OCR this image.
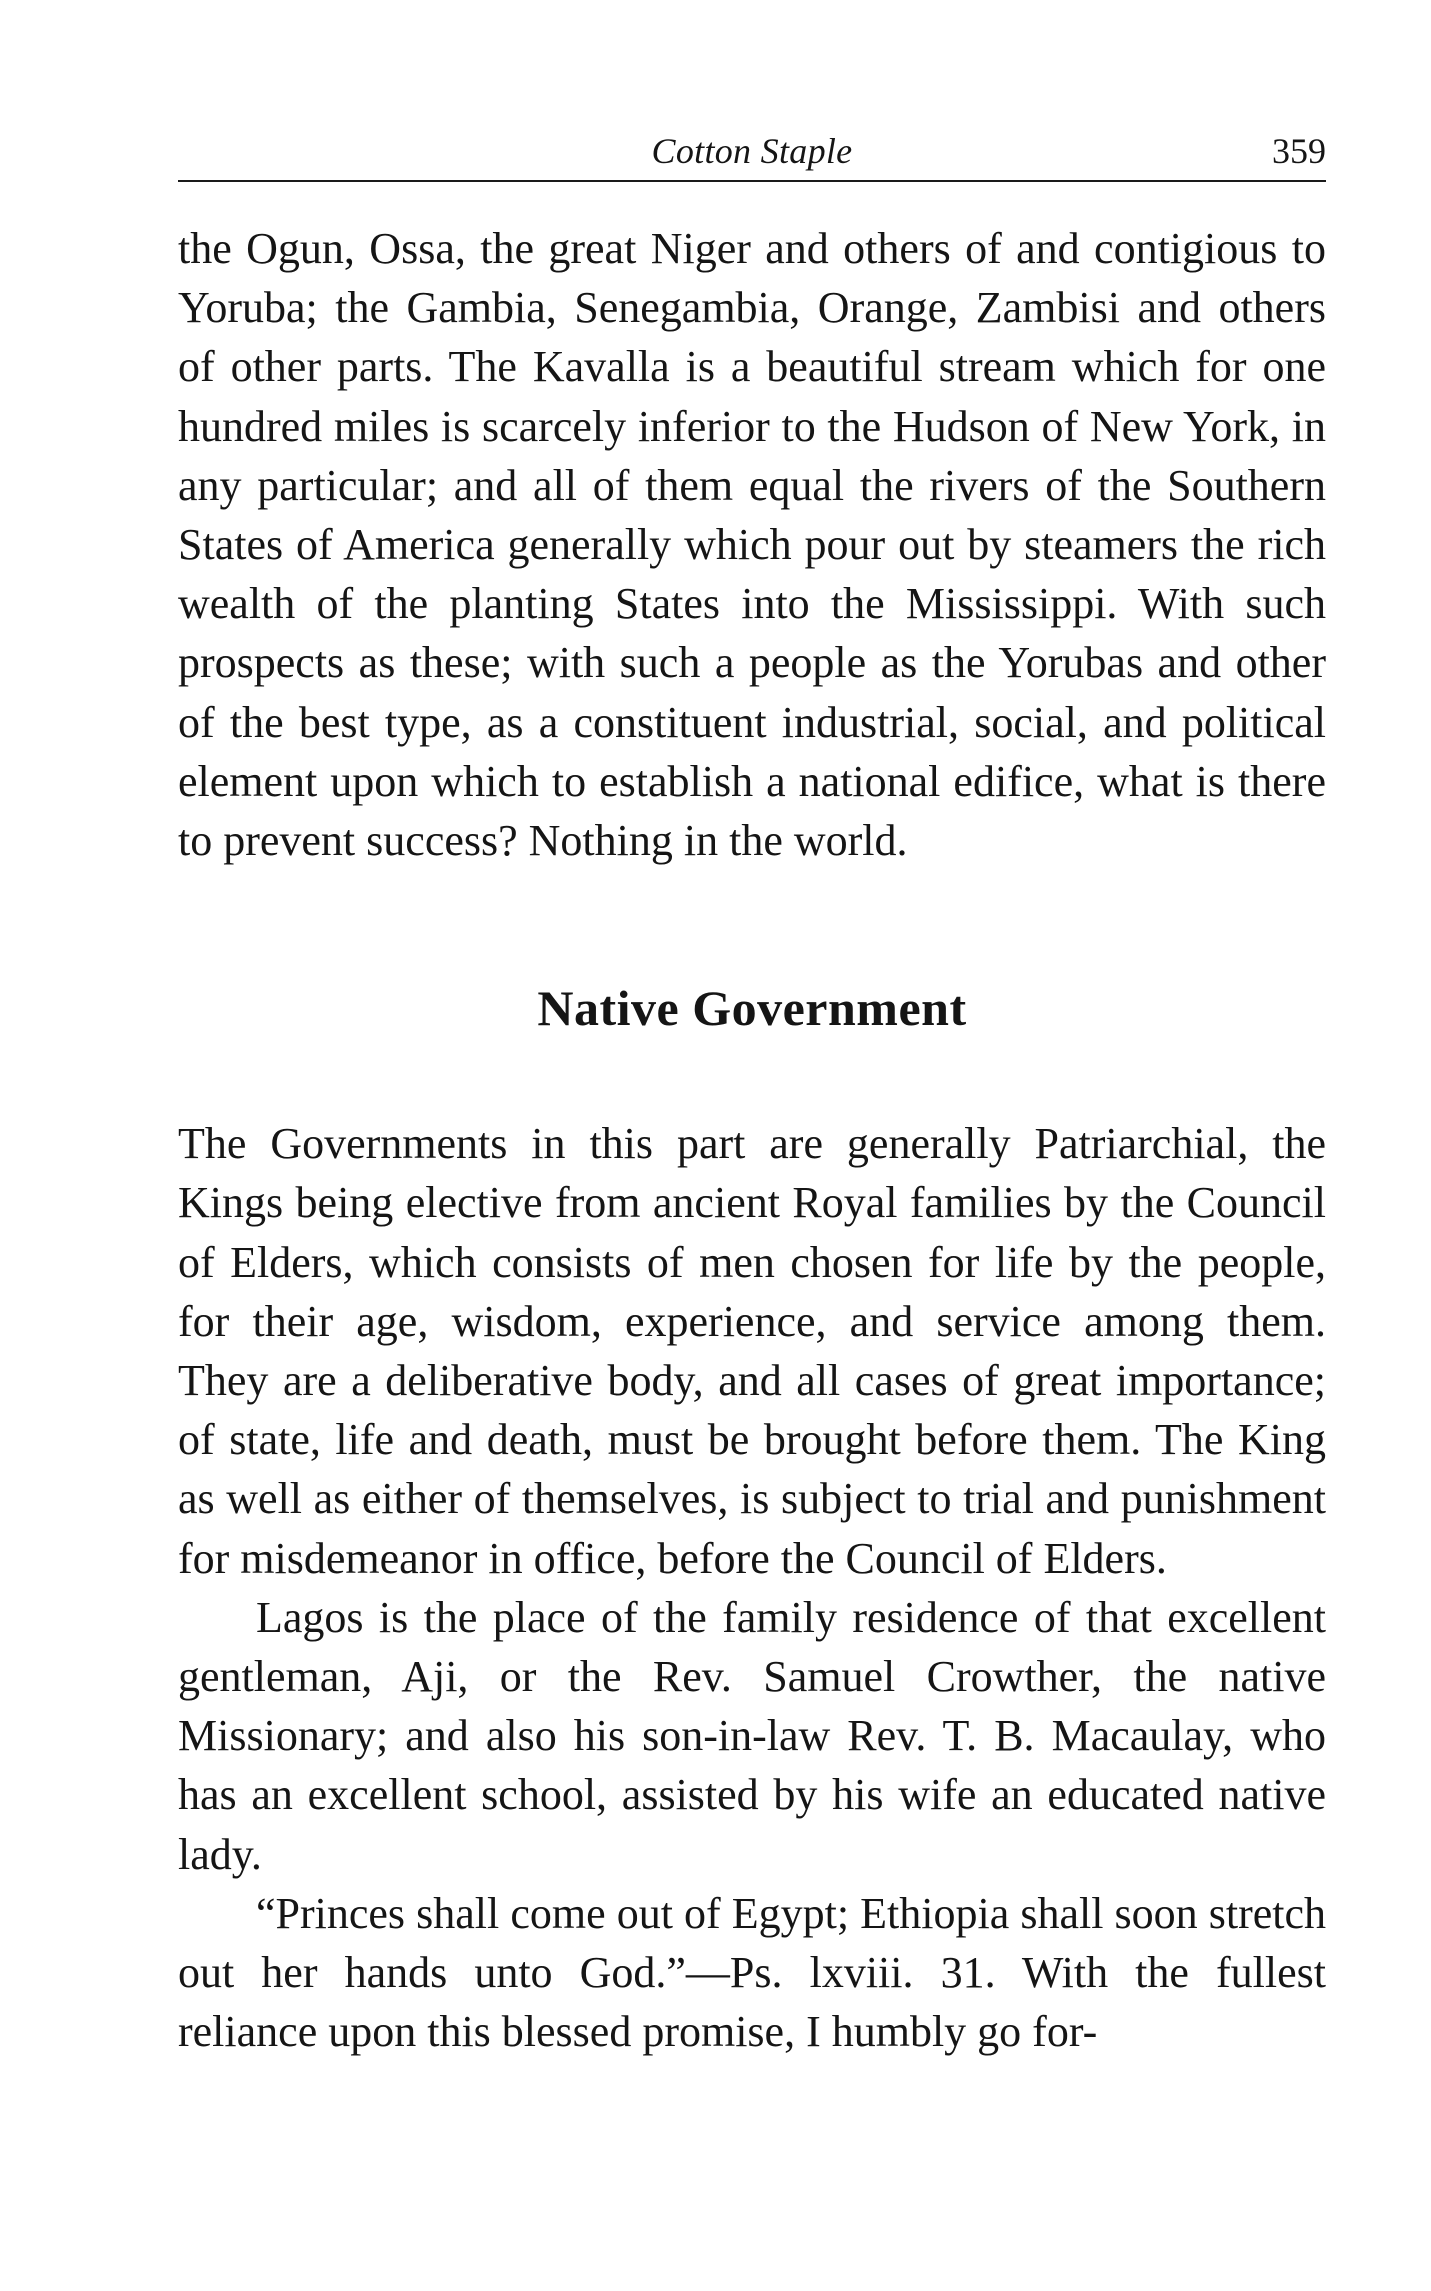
Cotton Staple	359

the Ogun, Ossa, the great Niger and others of and contigious to Yoruba; the Gambia, Senegambia, Orange, Zambisi and others of other parts. The Kavalla is a beautiful stream which for one hundred miles is scarcely inferior to the Hudson of New York, in any particular; and all of them equal the rivers of the Southern States of America generally which pour out by steamers the rich wealth of the planting States into the Mississippi. With such prospects as these; with such a people as the Yorubas and other of the best type, as a constituent industrial, social, and political element upon which to establish a national edifice, what is there to prevent success? Nothing in the world.

Native Government

The Governments in this part are generally Patriarchial, the Kings being elective from ancient Royal families by the Council of Elders, which consists of men chosen for life by the people, for their age, wisdom, experience, and service among them. They are a deliberative body, and all cases of great importance; of state, life and death, must be brought before them. The King as well as either of themselves, is subject to trial and punishment for misdemeanor in office, before the Council of Elders.

Lagos is the place of the family residence of that excellent gentleman, Aji, or the Rev. Samuel Crowther, the native Missionary; and also his son-in-law Rev. T. B. Macaulay, who has an excellent school, assisted by his wife an educated native lady.

“Princes shall come out of Egypt; Ethiopia shall soon stretch out her hands unto God.”—Ps. lxviii. 31. With the fullest reliance upon this blessed promise, I humbly go for-
